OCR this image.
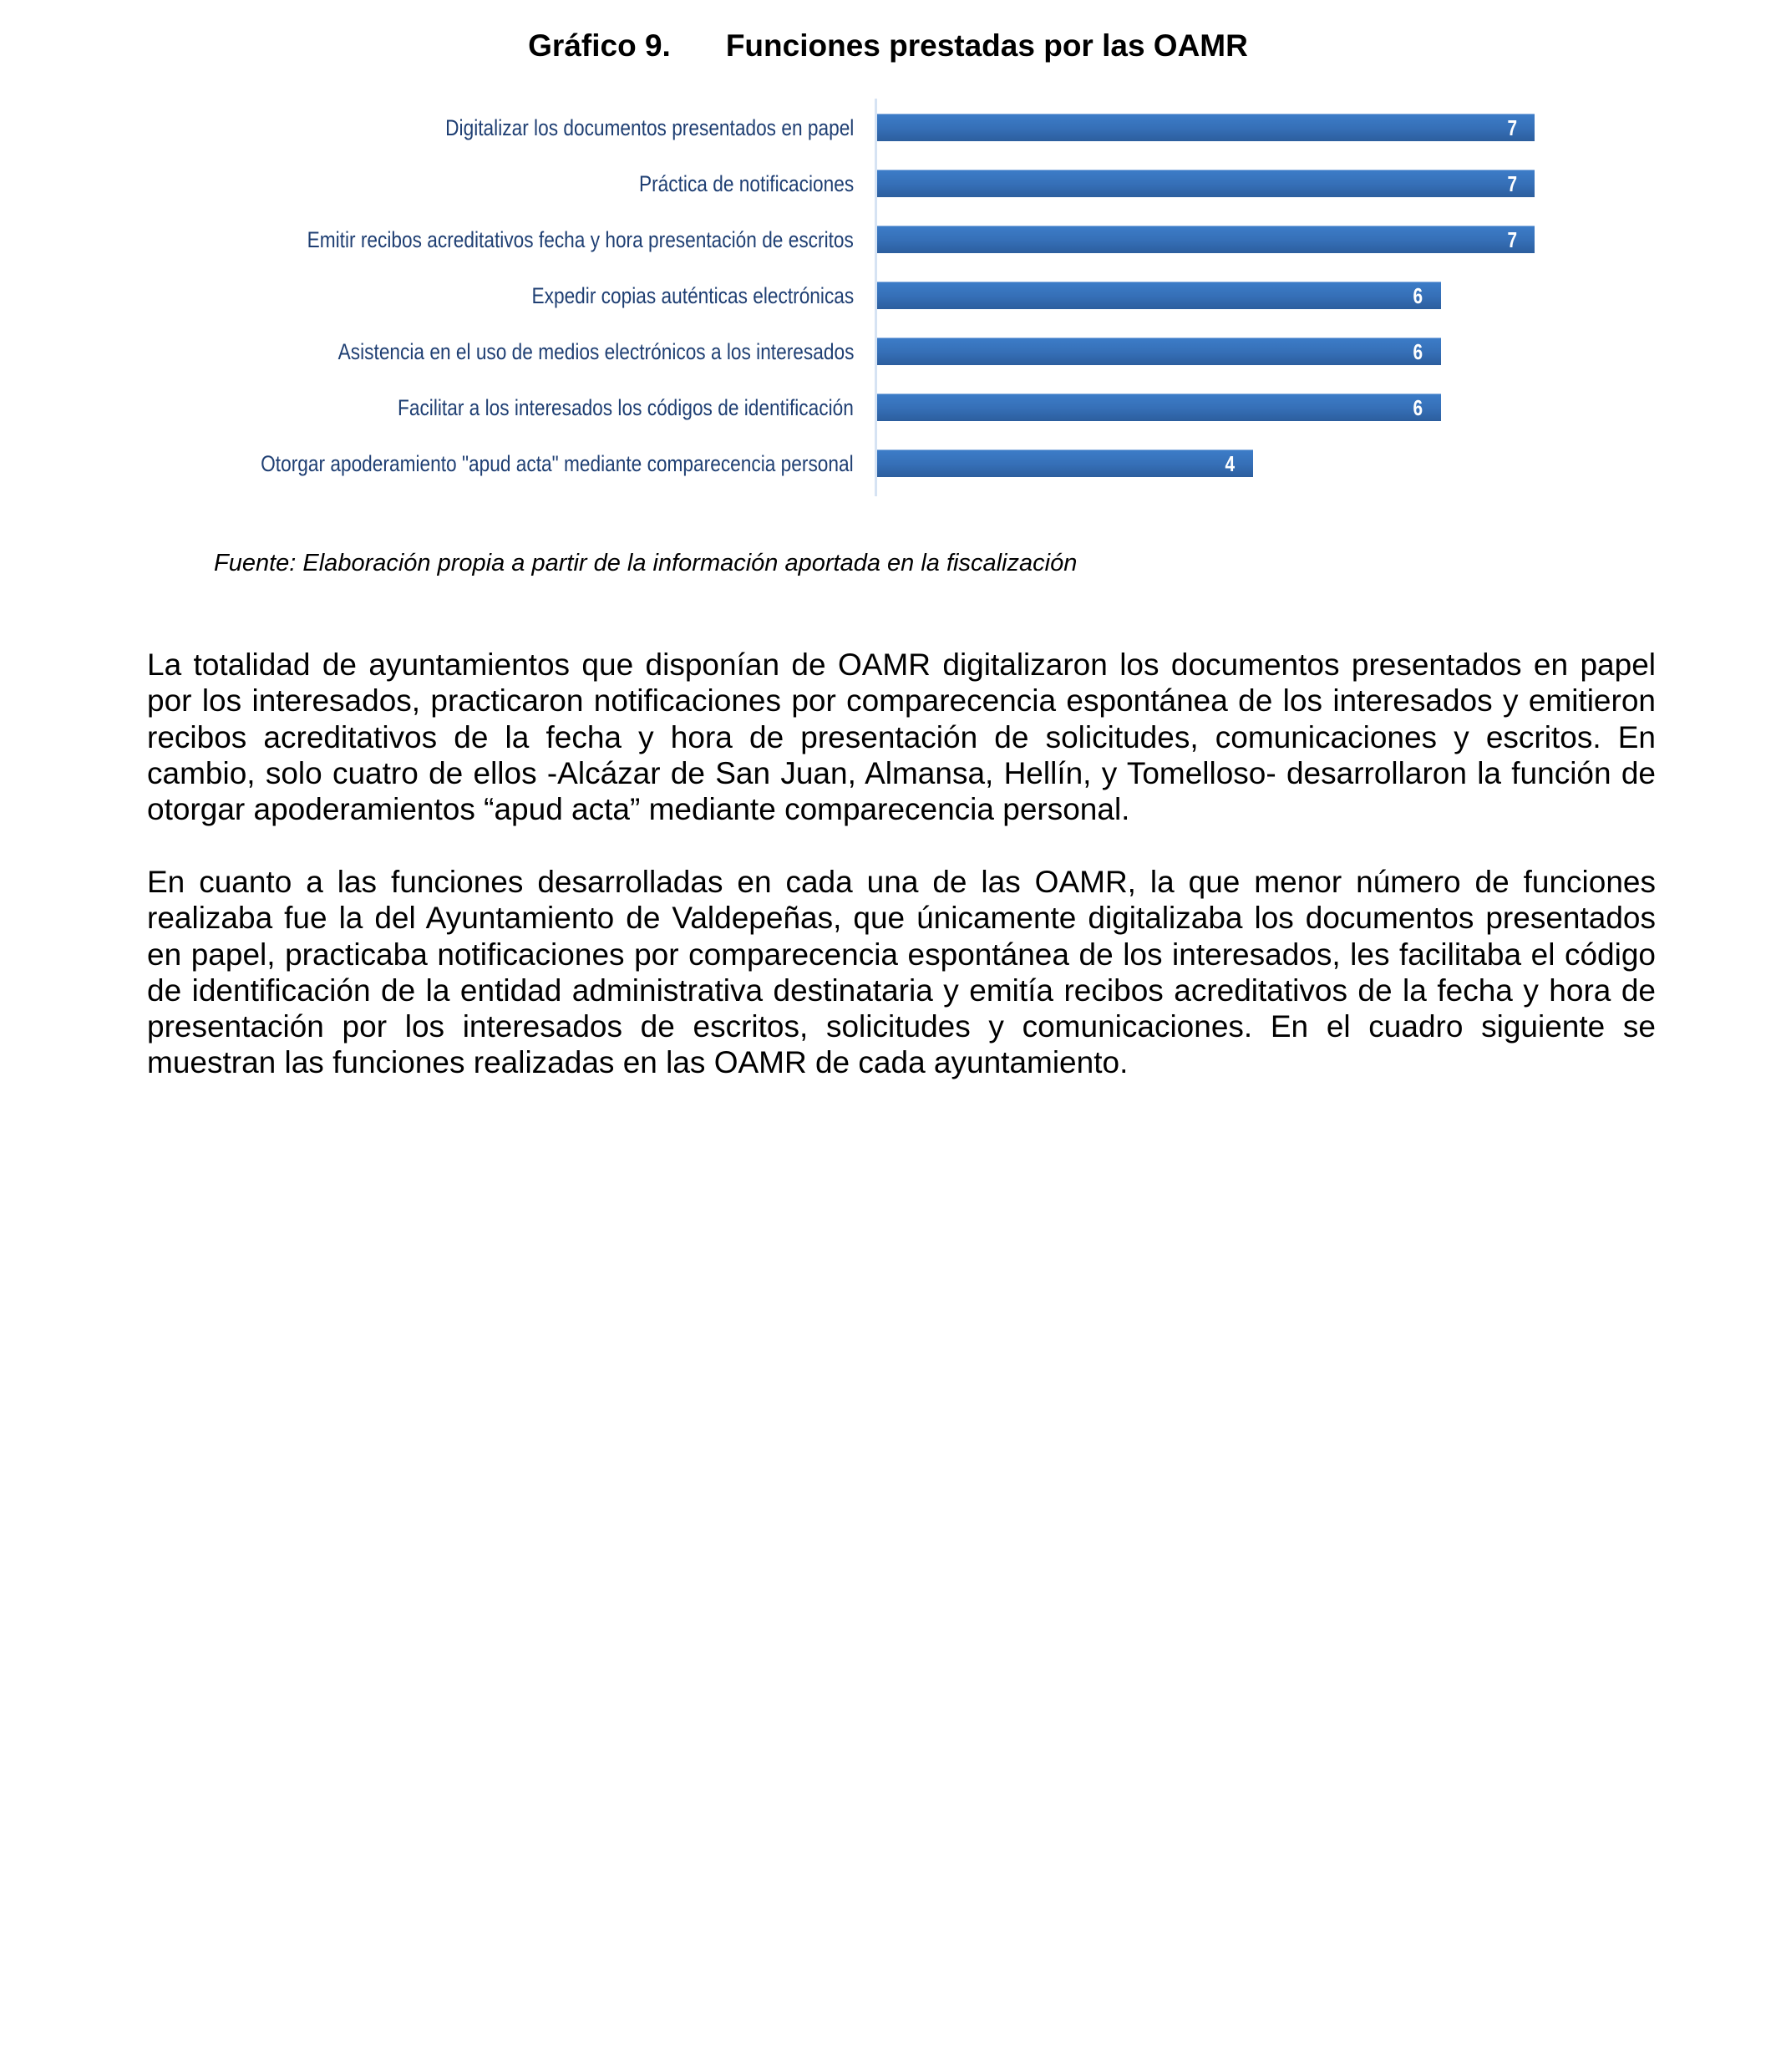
Gráfico 9. Funciones prestadas por las OAMR
Digitalizar los documentos presentados en papel	7
Práctica de notificaciones	7
Emitir recibos acreditativos fecha y hora presentación de escritos	7
Expedir copias auténticas electrónicas	6
Asistencia en el uso de medios electrónicos a los interesados	6
Facilitar a los interesados los códigos de identificación	6
Otorgar apoderamiento "apud acta" mediante comparecencia personal	4
Fuente: Elaboración propia a partir de la información aportada en la fiscalización

La totalidad de ayuntamientos que disponían de OAMR digitalizaron los documentos presentados en papel por los interesados, practicaron notificaciones por comparecencia espontánea de los interesados y emitieron recibos acreditativos de la fecha y hora de presentación de solicitudes, comunicaciones y escritos. En cambio, solo cuatro de ellos -Alcázar de San Juan, Almansa, Hellín, y Tomelloso- desarrollaron la función de otorgar apoderamientos “apud acta” mediante comparecencia personal.

En cuanto a las funciones desarrolladas en cada una de las OAMR, la que menor número de funciones realizaba fue la del Ayuntamiento de Valdepeñas, que únicamente digitalizaba los documentos presentados en papel, practicaba notificaciones por comparecencia espontánea de los interesados, les facilitaba el código de identificación de la entidad administrativa destinataria y emitía recibos acreditativos de la fecha y hora de presentación por los interesados de escritos, solicitudes y comunicaciones. En el cuadro siguiente se muestran las funciones realizadas en las OAMR de cada ayuntamiento.
